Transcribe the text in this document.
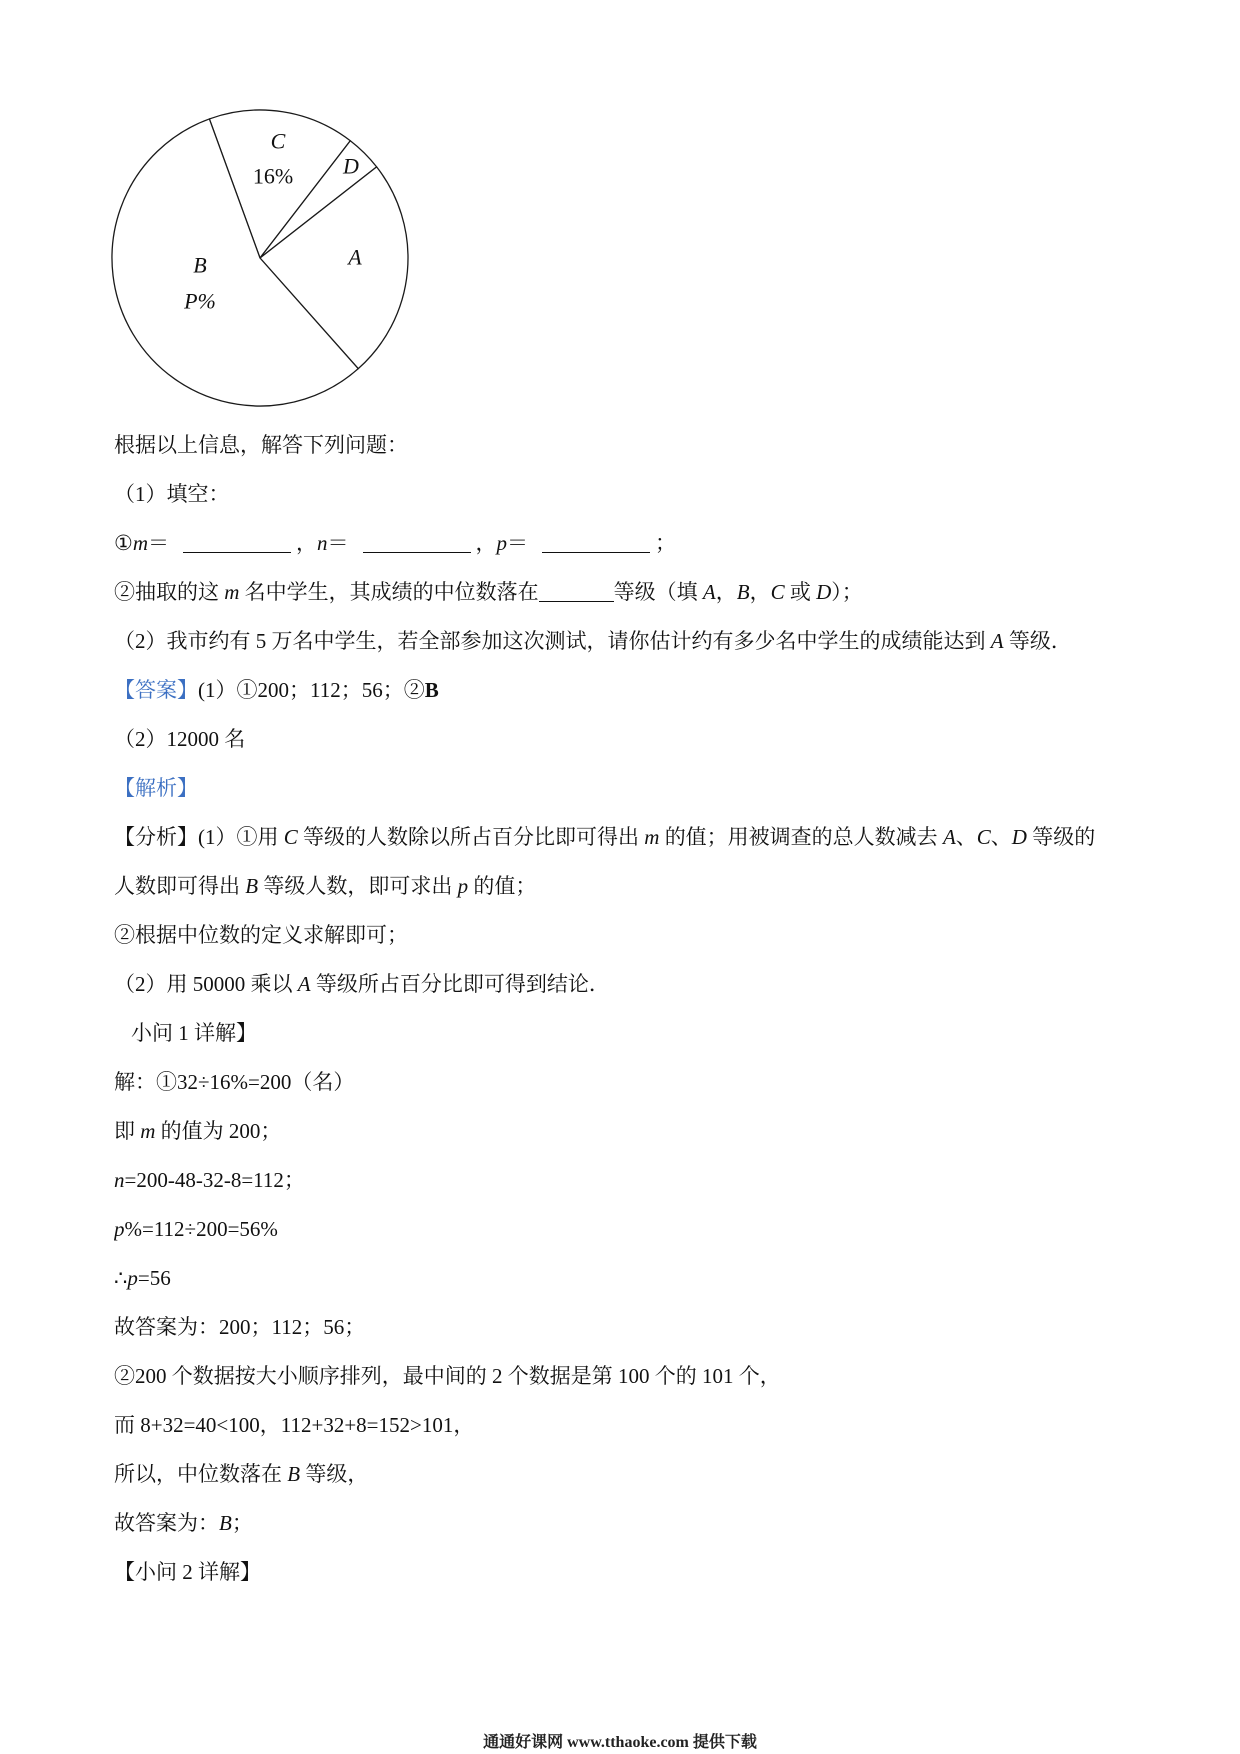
C
16% D
A
B
P%
根据以上信息，解答下列问题：
（1）填空：
①m＝	，n＝	，p＝	；
②抽取的这 m 名中学生，其成绩的中位数落在	等级（填 A，B，C 或 D）；
（2）我市约有 5 万名中学生，若全部参加这次测试，请你估计约有多少名中学生的成绩能达到 A 等级．
【答案】(1）①200；112；56；②B
（2）12000 名
【解析】
【分析】(1）①用 C 等级的人数除以所占百分比即可得出 m 的值；用被调查的总人数减去 A、C、D 等级的
人数即可得出 B 等级人数，即可求出 p 的值；
②根据中位数的定义求解即可；
（2）用 50000 乘以 A 等级所占百分比即可得到结论．
小问 1 详解】
解：①32÷16%=200（名）
即 m 的值为 200；
n=200-48-32-8=112；
p%=112÷200=56%
∴p=56
故答案为：200；112；56；
②200 个数据按大小顺序排列，最中间的 2 个数据是第 100 个的 101 个，
而 8+32=40<100，112+32+8=152>101，
所以，中位数落在 B 等级，
故答案为：B；
【小问 2 详解】
通通好课网 www.tthaoke.com 提供下载
